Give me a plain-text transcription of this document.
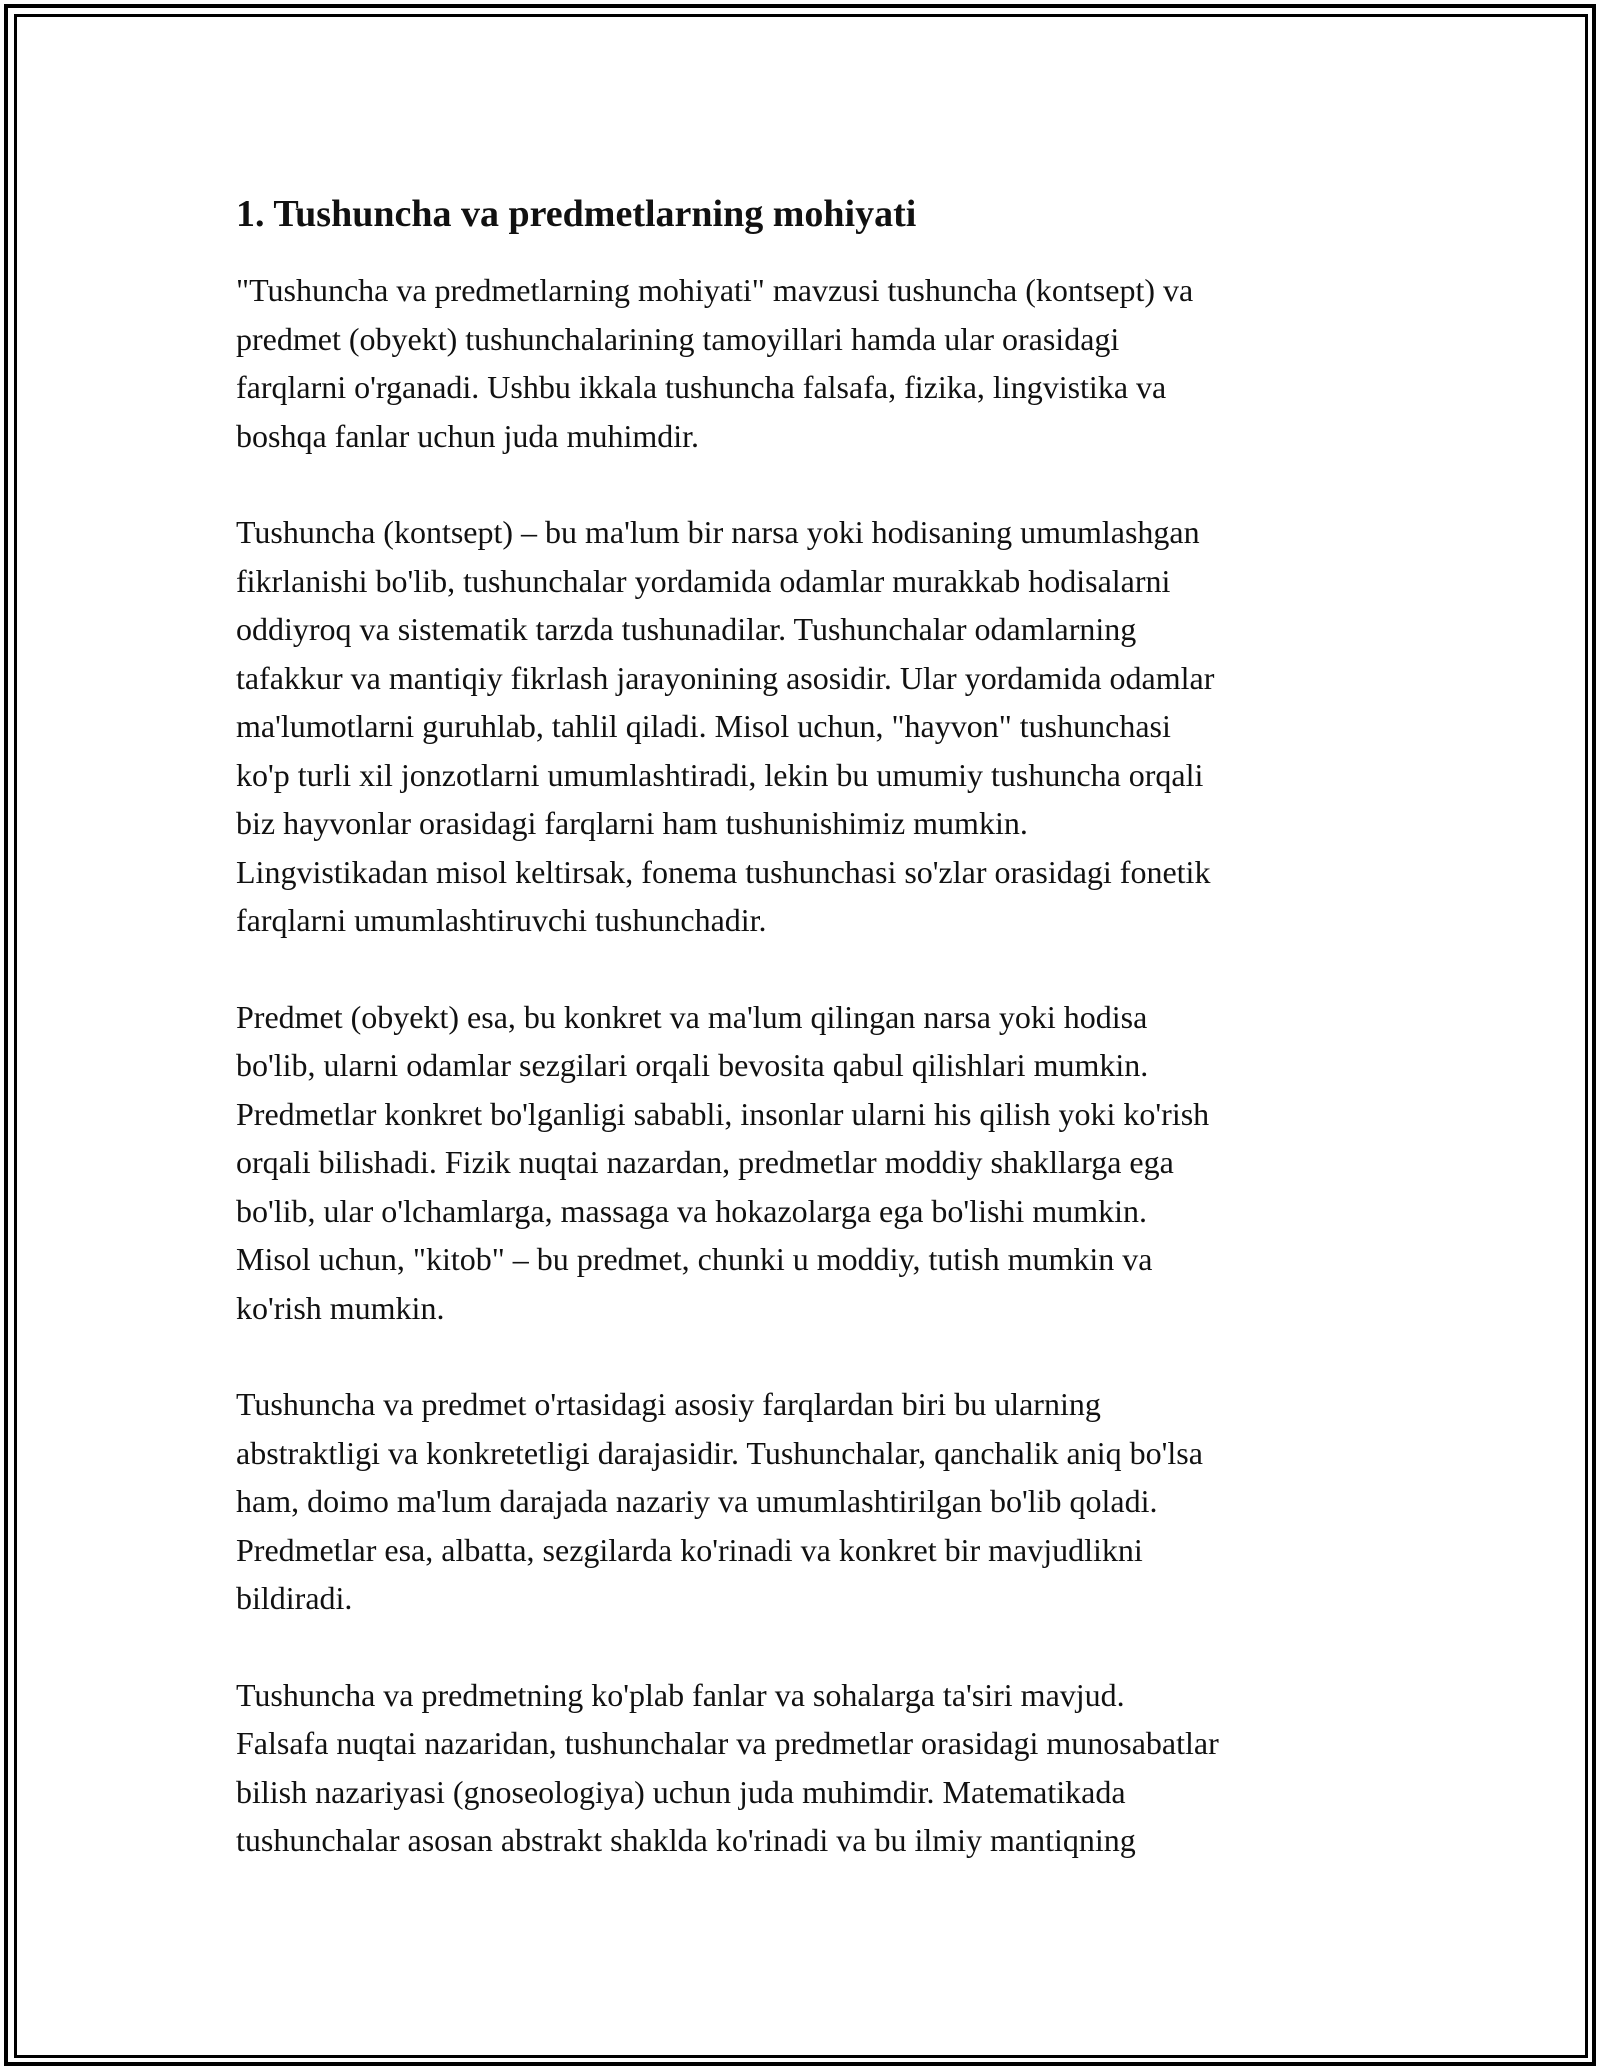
1. Tushuncha va predmetlarning mohiyati

"Tushuncha va predmetlarning mohiyati" mavzusi tushuncha (kontsept) va
predmet (obyekt) tushunchalarining tamoyillari hamda ular orasidagi
farqlarni o'rganadi. Ushbu ikkala tushuncha falsafa, fizika, lingvistika va
boshqa fanlar uchun juda muhimdir.

Tushuncha (kontsept) – bu ma'lum bir narsa yoki hodisaning umumlashgan
fikrlanishi bo'lib, tushunchalar yordamida odamlar murakkab hodisalarni
oddiyroq va sistematik tarzda tushunadilar. Tushunchalar odamlarning
tafakkur va mantiqiy fikrlash jarayonining asosidir. Ular yordamida odamlar
ma'lumotlarni guruhlab, tahlil qiladi. Misol uchun, "hayvon" tushunchasi
ko'p turli xil jonzotlarni umumlashtiradi, lekin bu umumiy tushuncha orqali
biz hayvonlar orasidagi farqlarni ham tushunishimiz mumkin.
Lingvistikadan misol keltirsak, fonema tushunchasi so'zlar orasidagi fonetik
farqlarni umumlashtiruvchi tushunchadir.

Predmet (obyekt) esa, bu konkret va ma'lum qilingan narsa yoki hodisa
bo'lib, ularni odamlar sezgilari orqali bevosita qabul qilishlari mumkin.
Predmetlar konkret bo'lganligi sababli, insonlar ularni his qilish yoki ko'rish
orqali bilishadi. Fizik nuqtai nazardan, predmetlar moddiy shakllarga ega
bo'lib, ular o'lchamlarga, massaga va hokazolarga ega bo'lishi mumkin.
Misol uchun, "kitob" – bu predmet, chunki u moddiy, tutish mumkin va
ko'rish mumkin.

Tushuncha va predmet o'rtasidagi asosiy farqlardan biri bu ularning
abstraktligi va konkretetligi darajasidir. Tushunchalar, qanchalik aniq bo'lsa
ham, doimo ma'lum darajada nazariy va umumlashtirilgan bo'lib qoladi.
Predmetlar esa, albatta, sezgilarda ko'rinadi va konkret bir mavjudlikni
bildiradi.

Tushuncha va predmetning ko'plab fanlar va sohalarga ta'siri mavjud.
Falsafa nuqtai nazaridan, tushunchalar va predmetlar orasidagi munosabatlar
bilish nazariyasi (gnoseologiya) uchun juda muhimdir. Matematikada
tushunchalar asosan abstrakt shaklda ko'rinadi va bu ilmiy mantiqning
